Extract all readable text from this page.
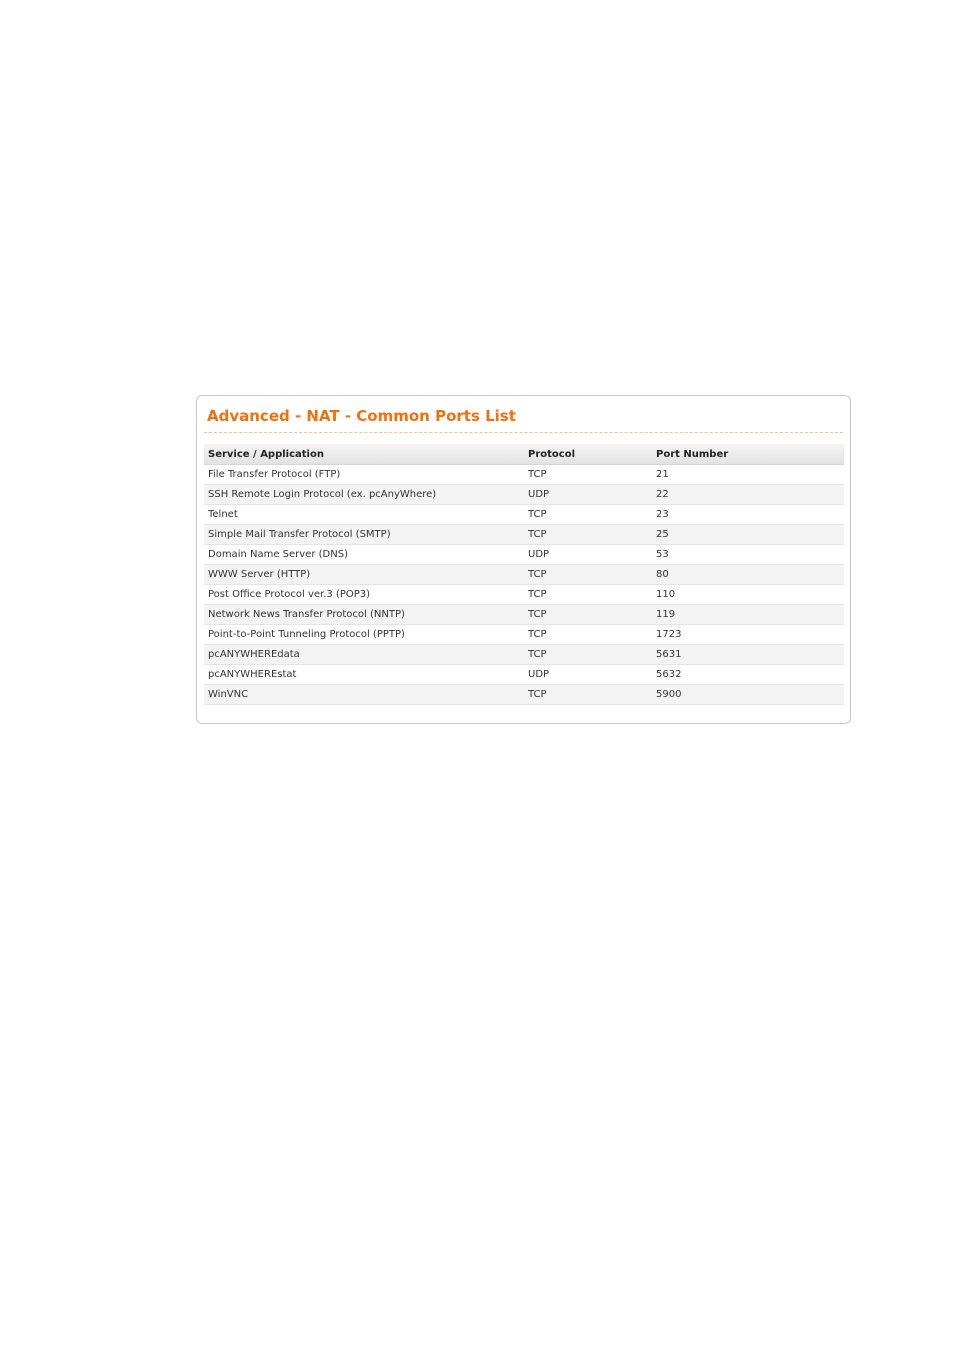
Advanced - NAT - Common Ports List
Service / Application	Protocol	Port Number
File Transfer Protocol (FTP)	TCP	21
SSH Remote Login Protocol (ex. pcAnyWhere)	UDP	22
Telnet	TCP	23
Simple Mail Transfer Protocol (SMTP)	TCP	25
Domain Name Server (DNS)	UDP	53
WWW Server (HTTP)	TCP	80
Post Office Protocol ver.3 (POP3)	TCP	110
Network News Transfer Protocol (NNTP)	TCP	119
Point-to-Point Tunneling Protocol (PPTP)	TCP	1723
pcANYWHEREdata	TCP	5631
pcANYWHEREstat	UDP	5632
WinVNC	TCP	5900
